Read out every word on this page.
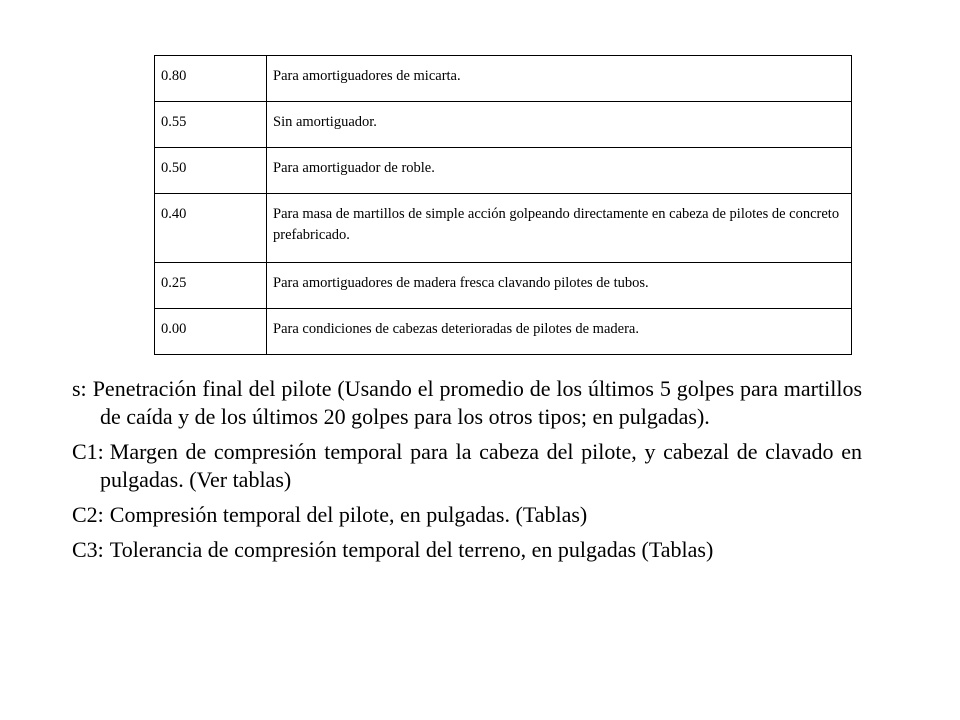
0.80	Para amortiguadores de micarta.
0.55	Sin amortiguador.
0.50	Para amortiguador de roble.
0.40	Para masa de martillos de simple acción golpeando directamente en cabeza de pilotes de concreto prefabricado.
0.25	Para amortiguadores de madera fresca clavando pilotes de tubos.
0.00	Para condiciones de cabezas deterioradas de pilotes de madera.

s: Penetración final del pilote (Usando el promedio de los últimos 5 golpes para martillos de caída y de los últimos 20 golpes para los otros tipos; en pulgadas).

C1: Margen de compresión temporal para la cabeza del pilote, y cabezal de clavado en pulgadas. (Ver tablas)

C2: Compresión temporal del pilote, en pulgadas. (Tablas)

C3: Tolerancia de compresión temporal del terreno, en pulgadas (Tablas)
